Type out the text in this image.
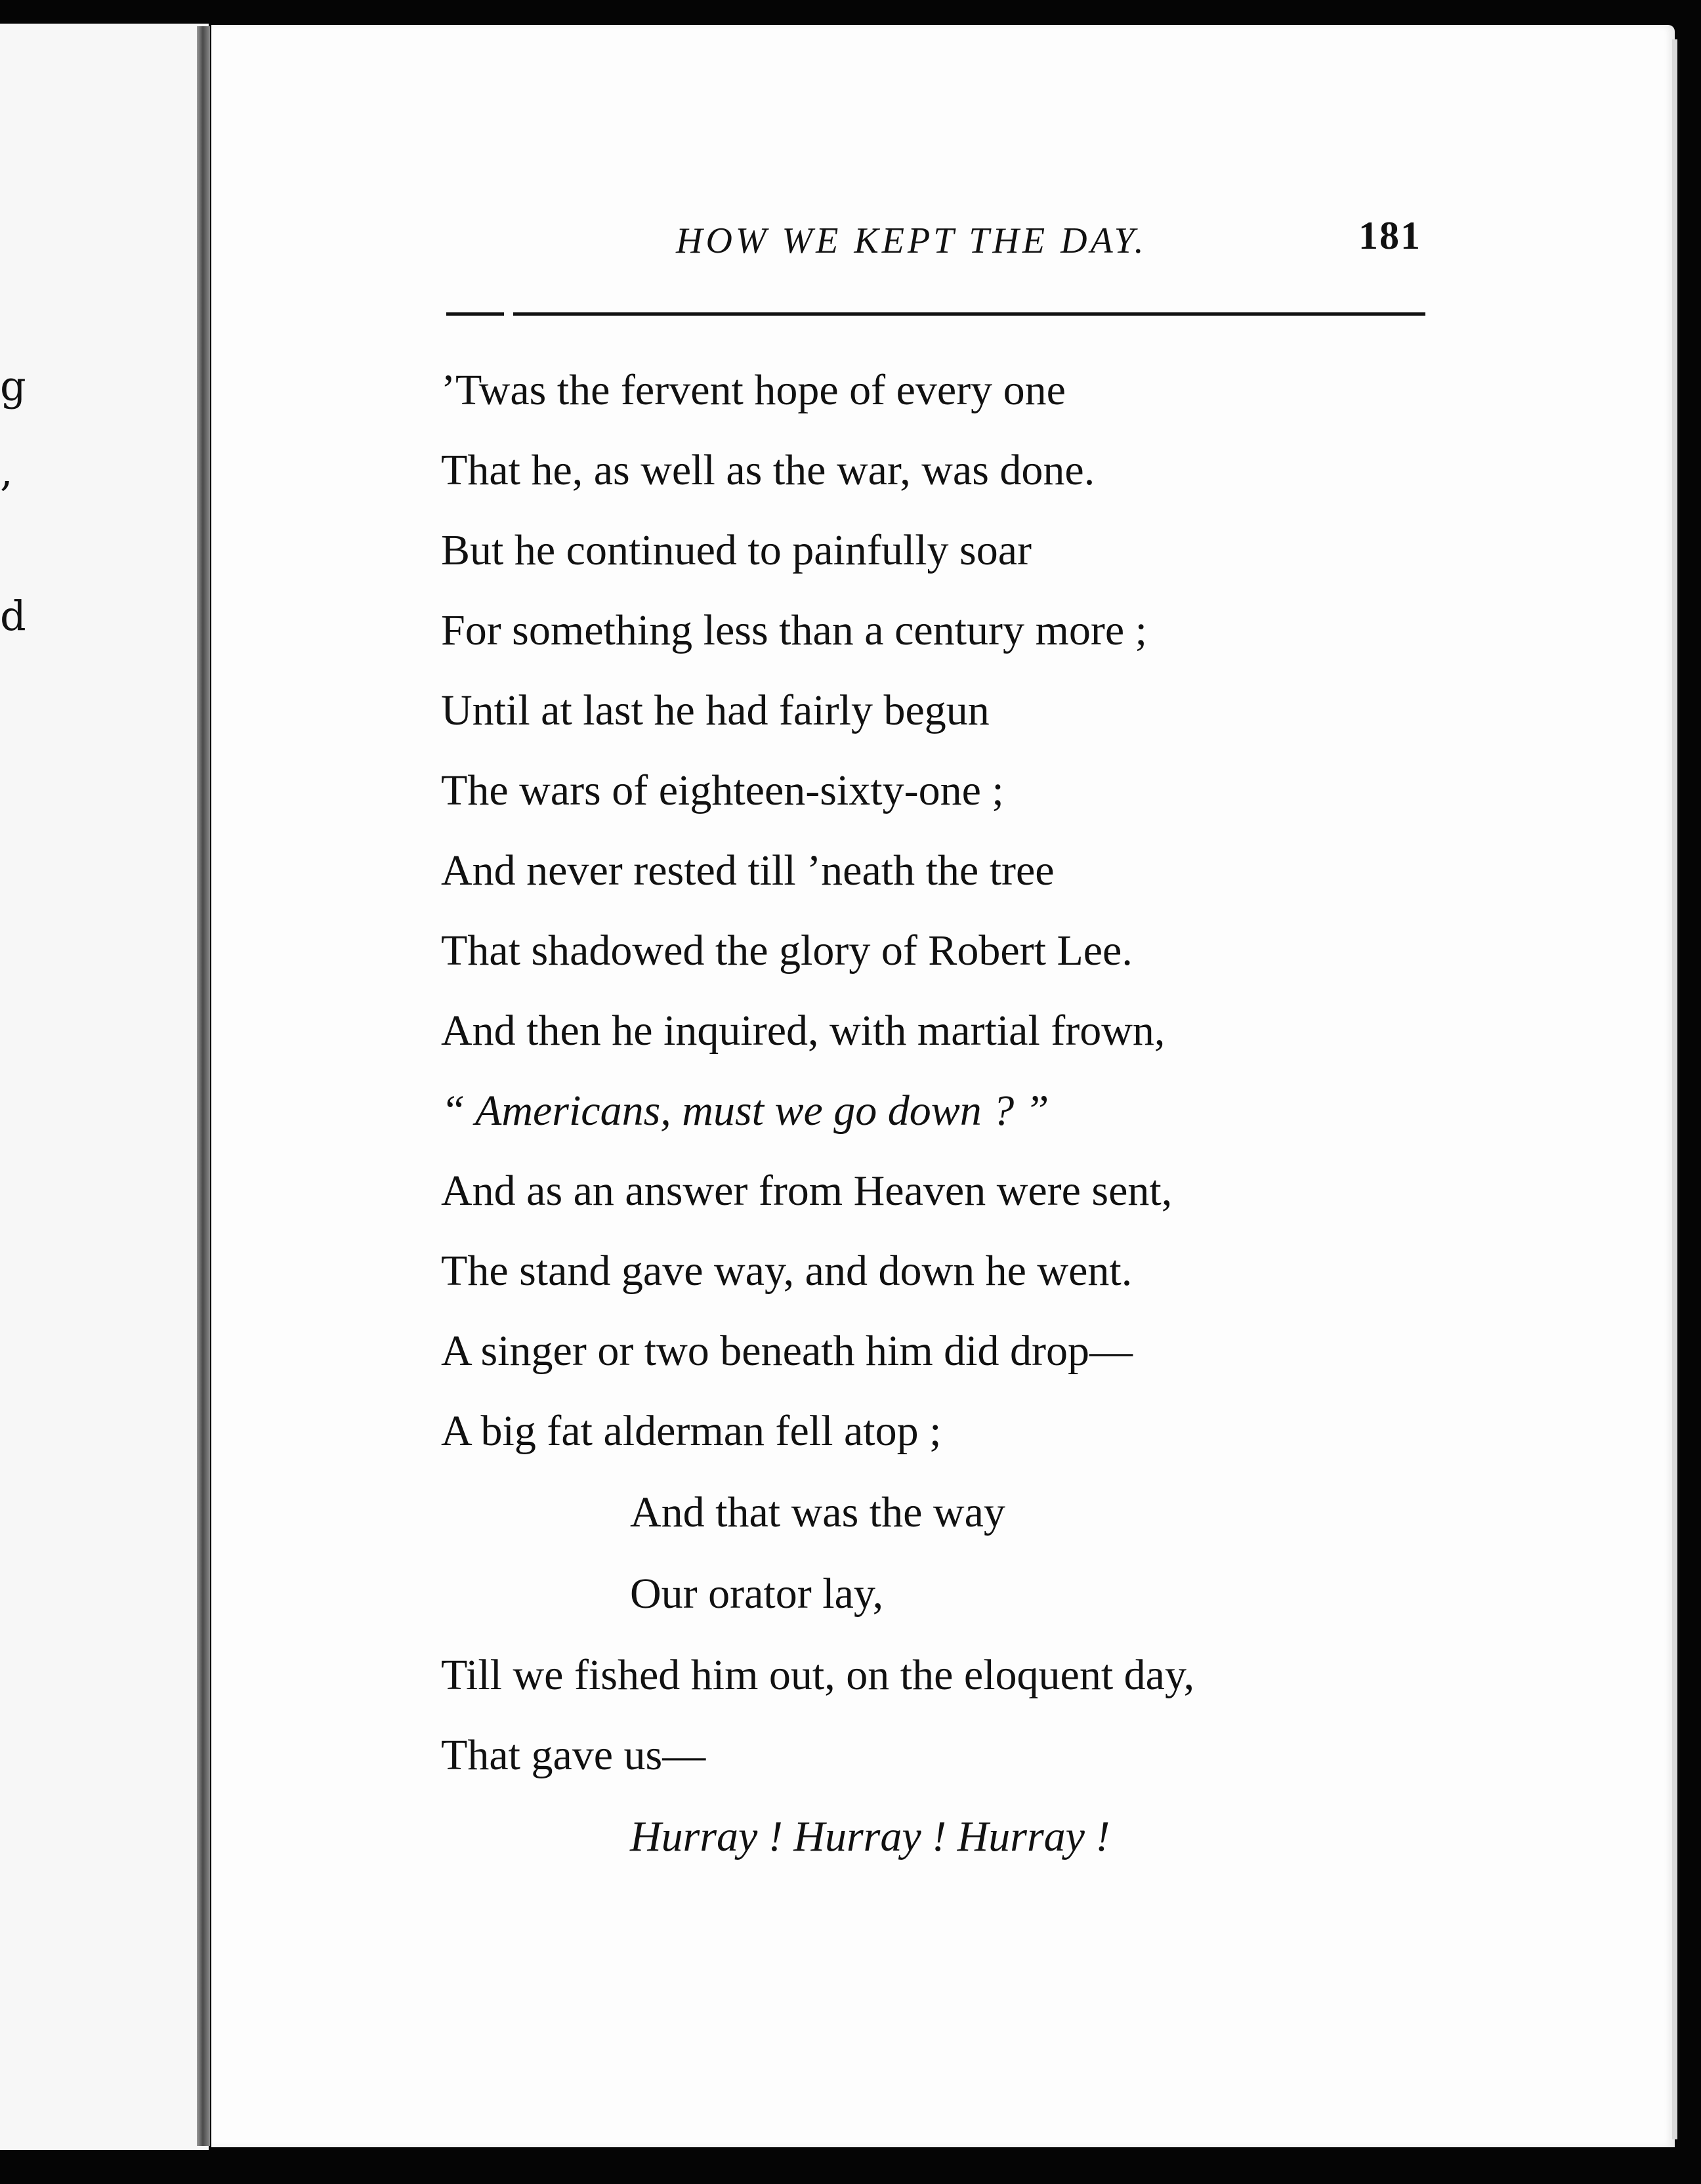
g
,
d
HOW WE KEPT THE DAY.	181
’Twas the fervent hope of every one
That he, as well as the war, was done.
But he continued to painfully soar
For something less than a century more ;
Until at last he had fairly begun
The wars of eighteen-sixty-one ;
And never rested till ’neath the tree
That shadowed the glory of Robert Lee.
And then he inquired, with martial frown,
“ Americans, must we go down ? ”
And as an answer from Heaven were sent,
The stand gave way, and down he went.
A singer or two beneath him did drop—
A big fat alderman fell atop ;
And that was the way
Our orator lay,
Till we fished him out, on the eloquent day,
That gave us—
Hurray ! Hurray ! Hurray !
